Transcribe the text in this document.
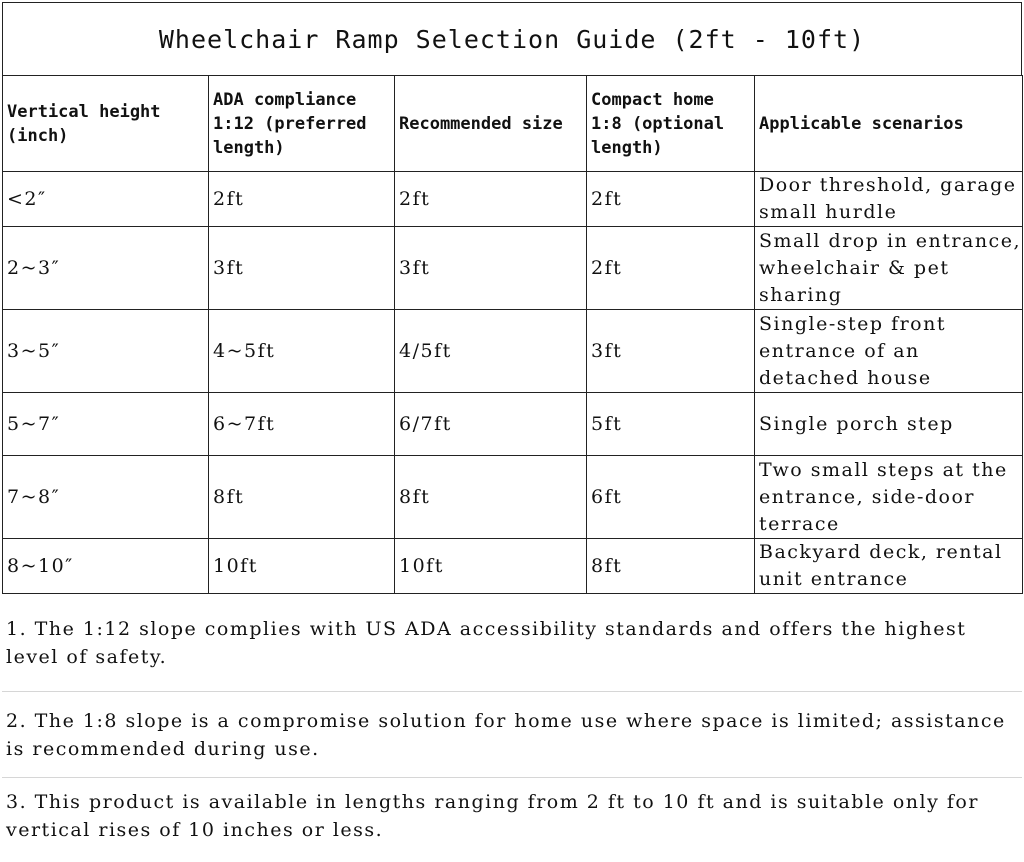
Wheelchair Ramp Selection Guide (2ft - 10ft)
Vertical height (inch)	ADA compliance 1:12 (preferred length)	Recommended size	Compact home 1:8 (optional length)	Applicable scenarios
<2″	2ft	2ft	2ft	Door threshold, garage small hurdle
2~3″	3ft	3ft	2ft	Small drop in entrance, wheelchair & pet sharing
3~5″	4~5ft	4/5ft	3ft	Single-step front entrance of an detached house
5~7″	6~7ft	6/7ft	5ft	Single porch step
7~8″	8ft	8ft	6ft	Two small steps at the entrance, side-door terrace
8~10″	10ft	10ft	8ft	Backyard deck, rental unit entrance
1. The 1:12 slope complies with US ADA accessibility standards and offers the highest level of safety.
2. The 1:8 slope is a compromise solution for home use where space is limited; assistance is recommended during use.
3. This product is available in lengths ranging from 2 ft to 10 ft and is suitable only for vertical rises of 10 inches or less.
